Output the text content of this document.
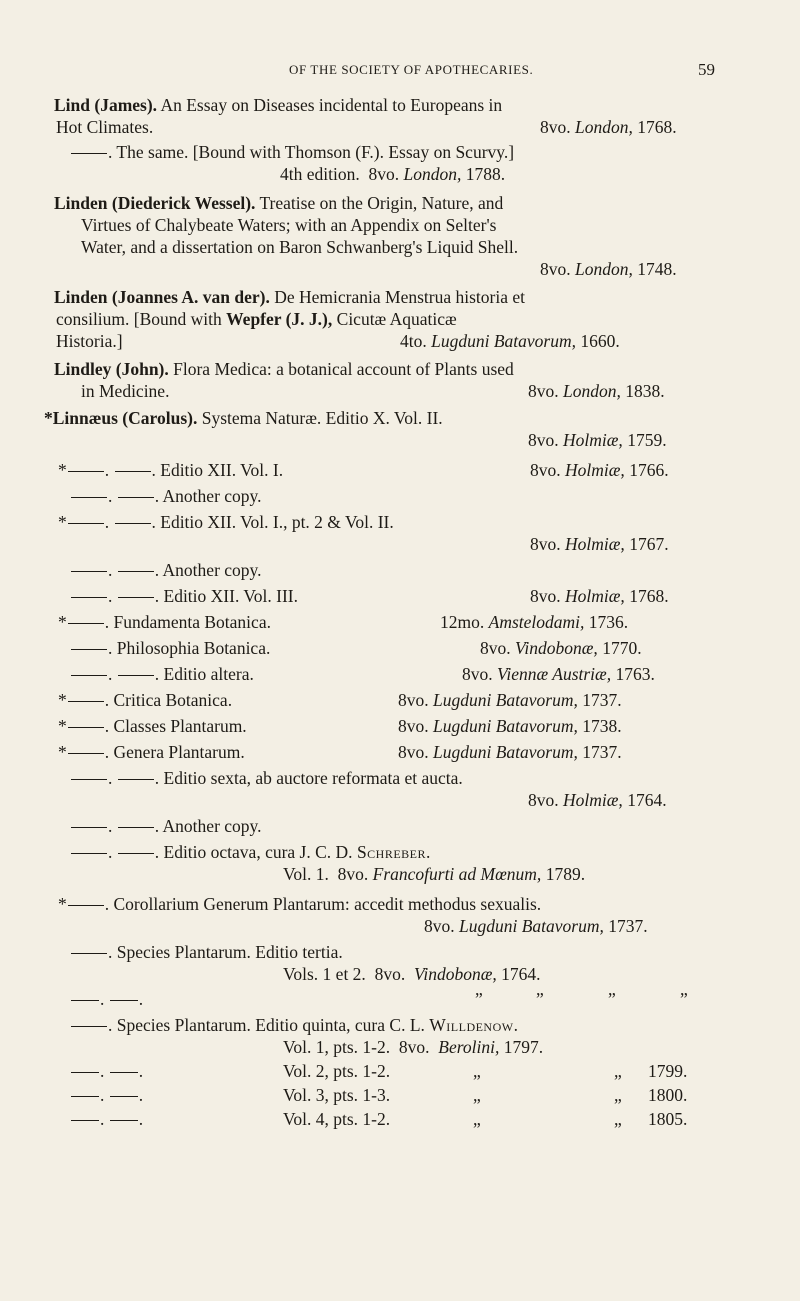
OF THE SOCIETY OF APOTHECARIES.	59
Lind (James). An Essay on Diseases incidental to Europeans in
Hot Climates.	8vo. London, 1768.
. The same. [Bound with Thomson (F.). Essay on Scurvy.]
4th edition. 8vo. London, 1788.
Linden (Diederick Wessel). Treatise on the Origin, Nature, and
Virtues of Chalybeate Waters; with an Appendix on Selter's
Water, and a dissertation on Baron Schwanberg's Liquid Shell.
8vo. London, 1748.
Linden (Joannes A. van der). De Hemicrania Menstrua historia et
consilium. [Bound with Wepfer (J. J.), Cicutæ Aquaticæ
Historia.]	4to. Lugduni Batavorum, 1660.
Lindley (John). Flora Medica: a botanical account of Plants used
in Medicine.	8vo. London, 1838.
*Linnæus (Carolus). Systema Naturæ. Editio X. Vol. II.
8vo. Holmiæ, 1759.
* . . Editio XII. Vol. I.	8vo. Holmiæ, 1766.
. . Another copy.
* . . Editio XII. Vol. I., pt. 2 & Vol. II.
8vo. Holmiæ, 1767.
. . Another copy.
. . Editio XII. Vol. III.	8vo. Holmiæ, 1768.
* . Fundamenta Botanica.	12mo. Amstelodami, 1736.
. Philosophia Botanica.	8vo. Vindobonæ, 1770.
. . Editio altera.	8vo. Viennæ Austriæ, 1763.
* . Critica Botanica.	8vo. Lugduni Batavorum, 1737.
* . Classes Plantarum.	8vo. Lugduni Batavorum, 1738.
* . Genera Plantarum.	8vo. Lugduni Batavorum, 1737.
. . Editio sexta, ab auctore reformata et aucta.
8vo. Holmiæ, 1764.
. . Another copy.
. . Editio octava, cura J. C. D. Schreber.
Vol. 1. 8vo. Francofurti ad Mœnum, 1789.
* . Corollarium Generum Plantarum: accedit methodus sexualis.
8vo. Lugduni Batavorum, 1737.
. Species Plantarum. Editio tertia.
Vols. 1 et 2. 8vo. Vindobonæ, 1764.
. .	”	”	”	”
. Species Plantarum. Editio quinta, cura C. L. Willdenow.
Vol. 1, pts. 1-2. 8vo. Berolini, 1797.
. .	Vol. 2, pts. 1-2.	„	„ 1799.
. .	Vol. 3, pts. 1-3.	„	„ 1800.
. .	Vol. 4, pts. 1-2.	„	„ 1805.
